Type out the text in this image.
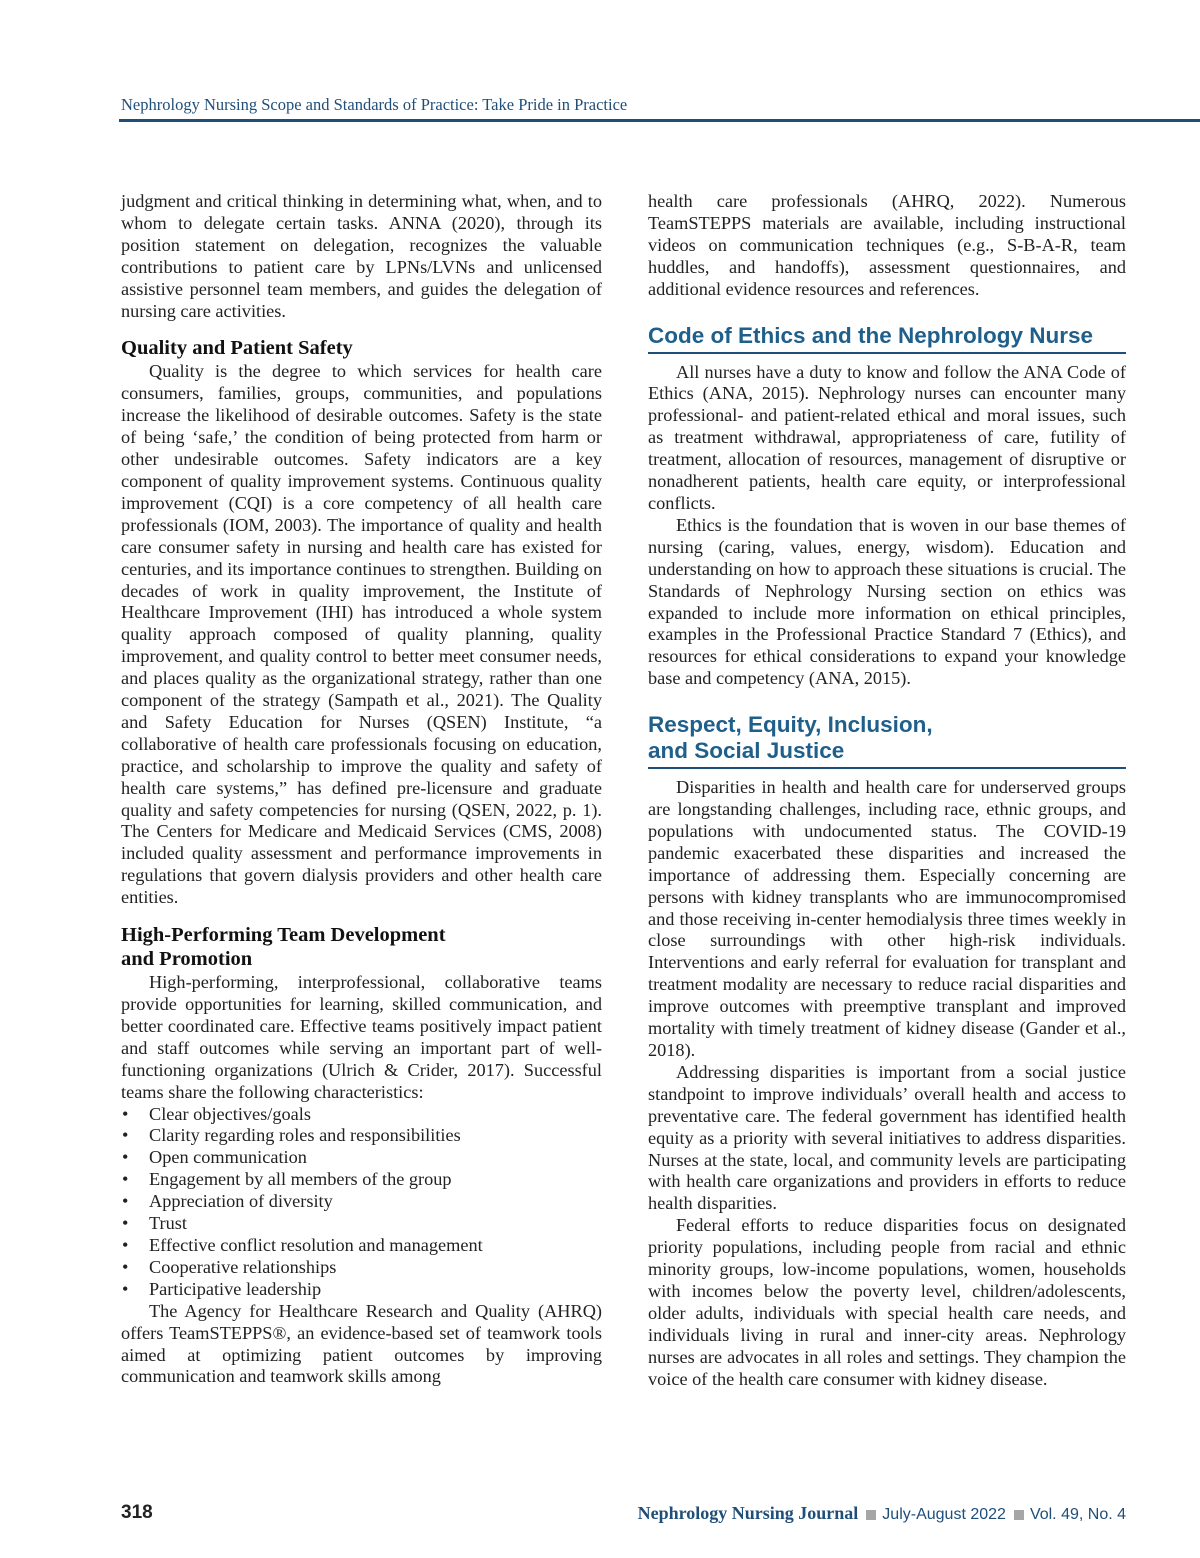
Nephrology Nursing Scope and Standards of Practice: Take Pride in Practice

judgment and critical thinking in determining what, when, and to whom to delegate certain tasks. ANNA (2020), through its position statement on delegation, recognizes the valuable contributions to patient care by LPNs/LVNs and unlicensed assistive personnel team members, and guides the delegation of nursing care activities.

Quality and Patient Safety

Quality is the degree to which services for health care consumers, families, groups, communities, and populations increase the likelihood of desirable outcomes. Safety is the state of being ‘safe,’ the condition of being protected from harm or other undesirable outcomes. Safety indicators are a key component of quality improvement systems. Continuous quality improvement (CQI) is a core competency of all health care professionals (IOM, 2003). The importance of quality and health care consumer safety in nursing and health care has existed for centuries, and its importance continues to strengthen. Building on decades of work in quality improvement, the Institute of Healthcare Improvement (IHI) has introduced a whole system quality approach composed of quality planning, quality improvement, and quality control to better meet consumer needs, and places quality as the organizational strategy, rather than one component of the strategy (Sampath et al., 2021). The Quality and Safety Education for Nurses (QSEN) Institute, “a collaborative of health care professionals focusing on education, practice, and scholarship to improve the quality and safety of health care systems,” has defined pre-licensure and graduate quality and safety competencies for nursing (QSEN, 2022, p. 1). The Centers for Medicare and Medicaid Services (CMS, 2008) included quality assessment and performance improvements in regulations that govern dialysis providers and other health care entities.

High-Performing Team Development
and Promotion

High-performing, interprofessional, collaborative teams provide opportunities for learning, skilled communication, and better coordinated care. Effective teams positively impact patient and staff outcomes while serving an important part of well-functioning organizations (Ulrich & Crider, 2017). Successful teams share the following characteristics:

• Clear objectives/goals
• Clarity regarding roles and responsibilities
• Open communication
• Engagement by all members of the group
• Appreciation of diversity
• Trust
• Effective conflict resolution and management
• Cooperative relationships
• Participative leadership

The Agency for Healthcare Research and Quality (AHRQ) offers TeamSTEPPS®, an evidence-based set of teamwork tools aimed at optimizing patient outcomes by improving communication and teamwork skills among

health care professionals (AHRQ, 2022). Numerous TeamSTEPPS materials are available, including instructional videos on communication techniques (e.g., S-B-A-R, team huddles, and handoffs), assessment questionnaires, and additional evidence resources and references.

Code of Ethics and the Nephrology Nurse

All nurses have a duty to know and follow the ANA Code of Ethics (ANA, 2015). Nephrology nurses can encounter many professional- and patient-related ethical and moral issues, such as treatment withdrawal, appropriateness of care, futility of treatment, allocation of resources, management of disruptive or nonadherent patients, health care equity, or interprofessional conflicts.

Ethics is the foundation that is woven in our base themes of nursing (caring, values, energy, wisdom). Education and understanding on how to approach these situations is crucial. The Standards of Nephrology Nursing section on ethics was expanded to include more information on ethical principles, examples in the Professional Practice Standard 7 (Ethics), and resources for ethical considerations to expand your knowledge base and competency (ANA, 2015).

Respect, Equity, Inclusion,
and Social Justice

Disparities in health and health care for underserved groups are longstanding challenges, including race, ethnic groups, and populations with undocumented status. The COVID-19 pandemic exacerbated these disparities and increased the importance of addressing them. Especially concerning are persons with kidney transplants who are immunocompromised and those receiving in-center hemodialysis three times weekly in close surroundings with other high-risk individuals. Interventions and early referral for evaluation for transplant and treatment modality are necessary to reduce racial disparities and improve outcomes with preemptive transplant and improved mortality with timely treatment of kidney disease (Gander et al., 2018).

Addressing disparities is important from a social justice standpoint to improve individuals’ overall health and access to preventative care. The federal government has identified health equity as a priority with several initiatives to address disparities. Nurses at the state, local, and community levels are participating with health care organizations and providers in efforts to reduce health disparities.

Federal efforts to reduce disparities focus on designated priority populations, including people from racial and ethnic minority groups, low-income populations, women, households with incomes below the poverty level, children/adolescents, older adults, individuals with special health care needs, and individuals living in rural and inner-city areas. Nephrology nurses are advocates in all roles and settings. They champion the voice of the health care consumer with kidney disease.

318	Nephrology Nursing Journal July-August 2022 Vol. 49, No. 4
